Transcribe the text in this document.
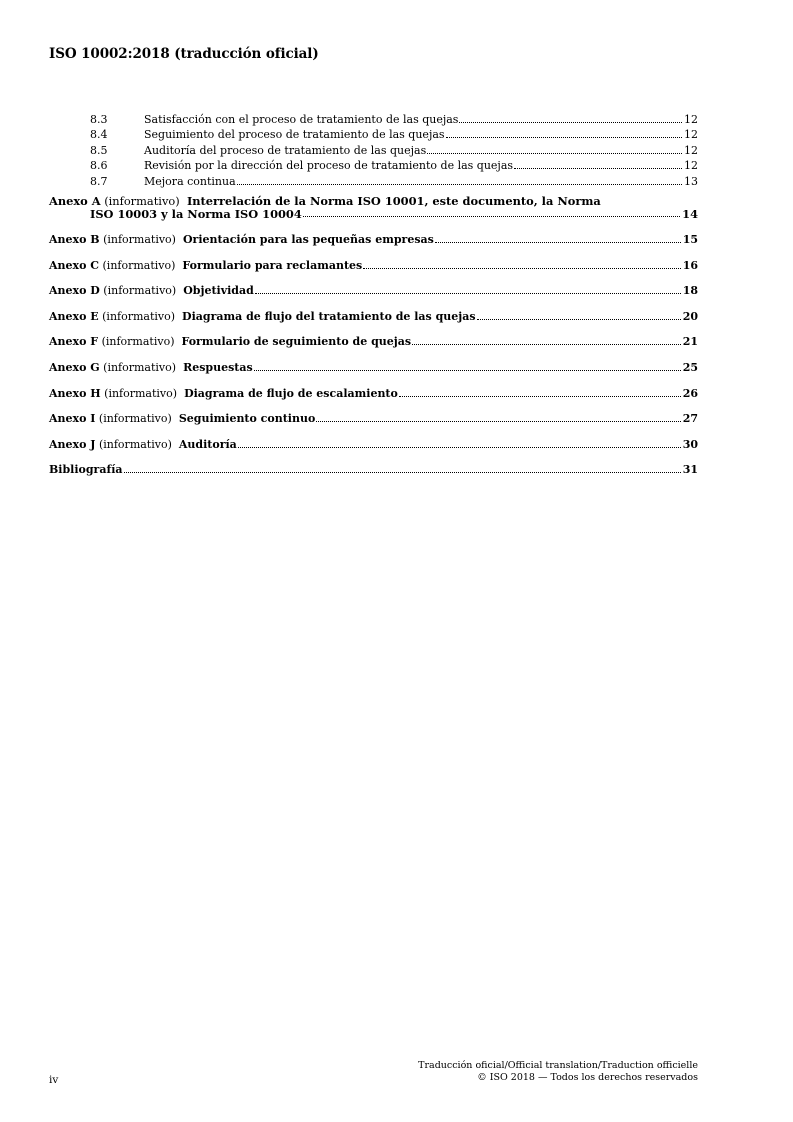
ISO 10002:2018 (traducción oficial)
8.3	Satisfacción con el proceso de tratamiento de las quejas	12
8.4	Seguimiento del proceso de tratamiento de las quejas	12
8.5	Auditoría del proceso de tratamiento de las quejas	12
8.6	Revisión por la dirección del proceso de tratamiento de las quejas	12
8.7	Mejora continua	13
Anexo A (informativo) Interrelación de la Norma ISO 10001, este documento, la Norma
ISO 10003 y la Norma ISO 10004	14
Anexo B (informativo) Orientación para las pequeñas empresas	15
Anexo C (informativo) Formulario para reclamantes	16
Anexo D (informativo) Objetividad	18
Anexo E (informativo) Diagrama de flujo del tratamiento de las quejas	20
Anexo F (informativo) Formulario de seguimiento de quejas	21
Anexo G (informativo) Respuestas	25
Anexo H (informativo) Diagrama de flujo de escalamiento	26
Anexo I (informativo) Seguimiento continuo	27
Anexo J (informativo) Auditoría	30
Bibliografía	31
Traducción oficial/Official translation/Traduction officielle
© ISO 2018 — Todos los derechos reservados
iv
